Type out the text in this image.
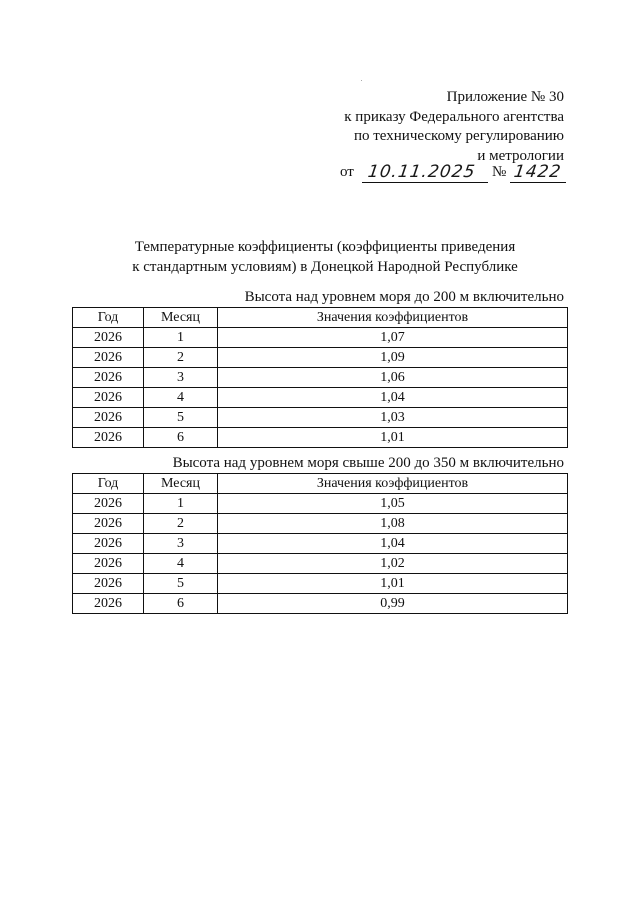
Приложение № 30
к приказу Федерального агентства
по техническому регулированию
и метрологии
от 10.11.2025 № 1422
Температурные коэффициенты (коэффициенты приведения
к стандартным условиям) в Донецкой Народной Республике
Высота над уровнем моря до 200 м включительно
Год	Месяц	Значения коэффициентов
2026	1	1,07
2026	2	1,09
2026	3	1,06
2026	4	1,04
2026	5	1,03
2026	6	1,01
Высота над уровнем моря свыше 200 до 350 м включительно
Год	Месяц	Значения коэффициентов
2026	1	1,05
2026	2	1,08
2026	3	1,04
2026	4	1,02
2026	5	1,01
2026	6	0,99
